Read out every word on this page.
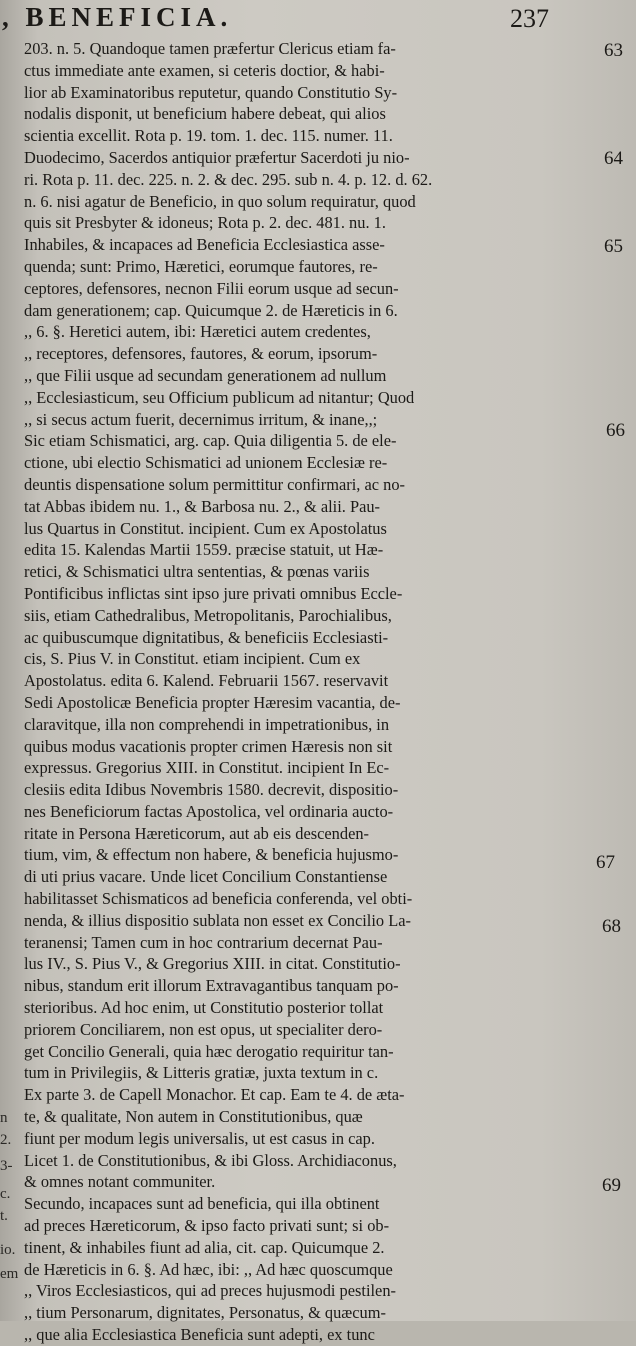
, BENEFICIA.	237
203. n. 5. Quandoque tamen præfertur Clericus etiam fa-
ctus immediate ante examen, si ceteris doctior, & habi-
lior ab Examinatoribus reputetur, quando Constitutio Sy-
nodalis disponit, ut beneficium habere debeat, qui alios
scientia excellit. Rota p. 19. tom. 1. dec. 115. numer. 11.
Duodecimo, Sacerdos antiquior præfertur Sacerdoti ju nio-
ri. Rota p. 11. dec. 225. n. 2. & dec. 295. sub n. 4. p. 12. d. 62.
n. 6. nisi agatur de Beneficio, in quo solum requiratur, quod
quis sit Presbyter & idoneus; Rota p. 2. dec. 481. nu. 1.
Inhabiles, & incapaces ad Beneficia Ecclesiastica asse-
quenda; sunt: Primo, Hæretici, eorumque fautores, re-
ceptores, defensores, necnon Filii eorum usque ad secun-
dam generationem; cap. Quicumque 2. de Hæreticis in 6.
,, 6. §. Heretici autem, ibi: Hæretici autem credentes,
,, receptores, defensores, fautores, & eorum, ipsorum-
,, que Filii usque ad secundam generationem ad nullum
,, Ecclesiasticum, seu Officium publicum ad nitantur; Quod
,, si secus actum fuerit, decernimus irritum, & inane,,;
Sic etiam Schismatici, arg. cap. Quia diligentia 5. de ele-
ctione, ubi electio Schismatici ad unionem Ecclesiæ re-
deuntis dispensatione solum permittitur confirmari, ac no-
tat Abbas ibidem nu. 1., & Barbosa nu. 2., & alii. Pau-
lus Quartus in Constitut. incipient. Cum ex Apostolatus
edita 15. Kalendas Martii 1559. præcise statuit, ut Hæ-
retici, & Schismatici ultra sententias, & pœnas variis
Pontificibus inflictas sint ipso jure privati omnibus Eccle-
siis, etiam Cathedralibus, Metropolitanis, Parochialibus,
ac quibuscumque dignitatibus, & beneficiis Ecclesiasti-
cis, S. Pius V. in Constitut. etiam incipient. Cum ex
Apostolatus. edita 6. Kalend. Februarii 1567. reservavit
Sedi Apostolicæ Beneficia propter Hæresim vacantia, de-
claravitque, illa non comprehendi in impetrationibus, in
quibus modus vacationis propter crimen Hæresis non sit
expressus. Gregorius XIII. in Constitut. incipient In Ec-
clesiis edita Idibus Novembris 1580. decrevit, dispositio-
nes Beneficiorum factas Apostolica, vel ordinaria aucto-
ritate in Persona Hæreticorum, aut ab eis descenden-
tium, vim, & effectum non habere, & beneficia hujusmo-
di uti prius vacare. Unde licet Concilium Constantiense
habilitasset Schismaticos ad beneficia conferenda, vel obti-
nenda, & illius dispositio sublata non esset ex Concilio La-
teranensi; Tamen cum in hoc contrarium decernat Pau-
lus IV., S. Pius V., & Gregorius XIII. in citat. Constitutio-
nibus, standum erit illorum Extravagantibus tanquam po-
sterioribus. Ad hoc enim, ut Constitutio posterior tollat
priorem Conciliarem, non est opus, ut specialiter dero-
get Concilio Generali, quia hæc derogatio requiritur tan-
tum in Privilegiis, & Litteris gratiæ, juxta textum in c.
Ex parte 3. de Capell Monachor. Et cap. Eam te 4. de æta-
te, & qualitate, Non autem in Constitutionibus, quæ
fiunt per modum legis universalis, ut est casus in cap.
Licet 1. de Constitutionibus, & ibi Gloss. Archidiaconus,
& omnes notant communiter.
Secundo, incapaces sunt ad beneficia, qui illa obtinent
ad preces Hæreticorum, & ipso facto privati sunt; si ob-
tinent, & inhabiles fiunt ad alia, cit. cap. Quicumque 2.
de Hæreticis in 6. §. Ad hæc, ibi: ,, Ad hæc quoscumque
,, Viros Ecclesiasticos, qui ad preces hujusmodi pestilen-
,, tium Personarum, dignitates, Personatus, & quæcum-
,, que alia Ecclesiastica Beneficia sunt adepti, ex tunc
63
64
65
66
67
68
69
n
2.
3-
c.
t.
io.
em
